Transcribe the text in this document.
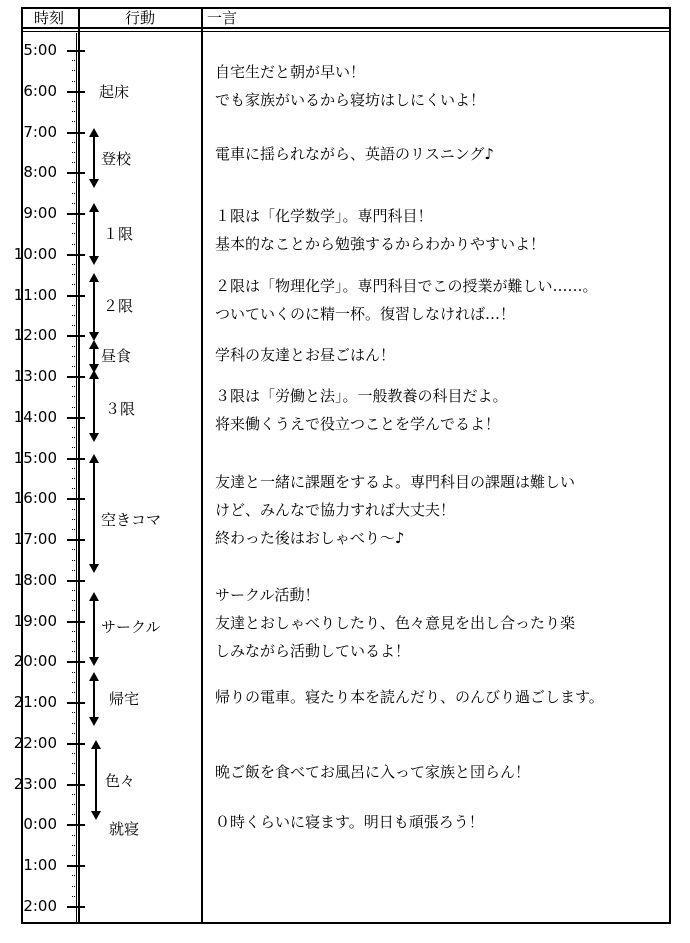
時刻	行動	一言
5:00
6:00
7:00
8:00
9:00
10:00
11:00
12:00
13:00
14:00
15:00
16:00
17:00
18:00
19:00
20:00
21:00
22:00
23:00
0:00
1:00
2:00
起床
登校
１限
２限
昼食
３限
空きコマ
サークル
帰宅
色々
就寝
自宅生だと朝が早い！
でも家族がいるから寝坊はしにくいよ！
電車に揺られながら、英語のリスニング♪
１限は「化学数学」。専門科目！
基本的なことから勉強するからわかりやすいよ！
２限は「物理化学」。専門科目でこの授業が難しい……。
ついていくのに精一杯。復習しなければ…！
学科の友達とお昼ごはん！
３限は「労働と法」。一般教養の科目だよ。
将来働くうえで役立つことを学んでるよ！
友達と一緒に課題をするよ。専門科目の課題は難しい
けど、みんなで協力すれば大丈夫！
終わった後はおしゃべり～♪
サークル活動！
友達とおしゃべりしたり、色々意見を出し合ったり楽
しみながら活動しているよ！
帰りの電車。寝たり本を読んだり、のんびり過ごします。
晩ご飯を食べてお風呂に入って家族と団らん！
０時くらいに寝ます。明日も頑張ろう！
